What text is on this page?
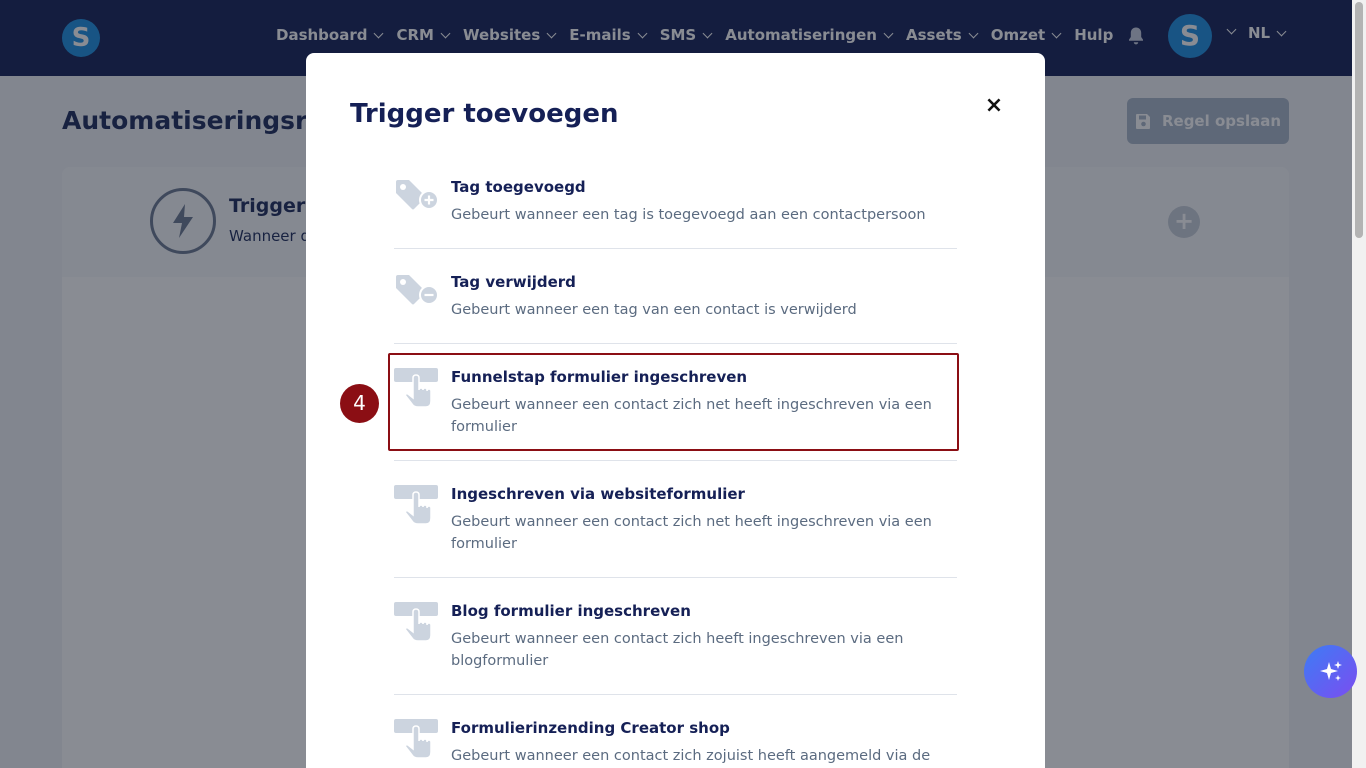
Trigger toevoegen	×
Tag toegevoegd
Gebeurt wanneer een tag is toegevoegd aan een contactpersoon
Tag verwijderd
Gebeurt wanneer een tag van een contact is verwijderd
Funnelstap formulier ingeschreven
Gebeurt wanneer een contact zich net heeft ingeschreven via een formulier
Ingeschreven via websiteformulier
Gebeurt wanneer een contact zich net heeft ingeschreven via een formulier
Blog formulier ingeschreven
Gebeurt wanneer een contact zich heeft ingeschreven via een blogformulier
Formulierinzending Creator shop
Gebeurt wanneer een contact zich zojuist heeft aangemeld via de
4
